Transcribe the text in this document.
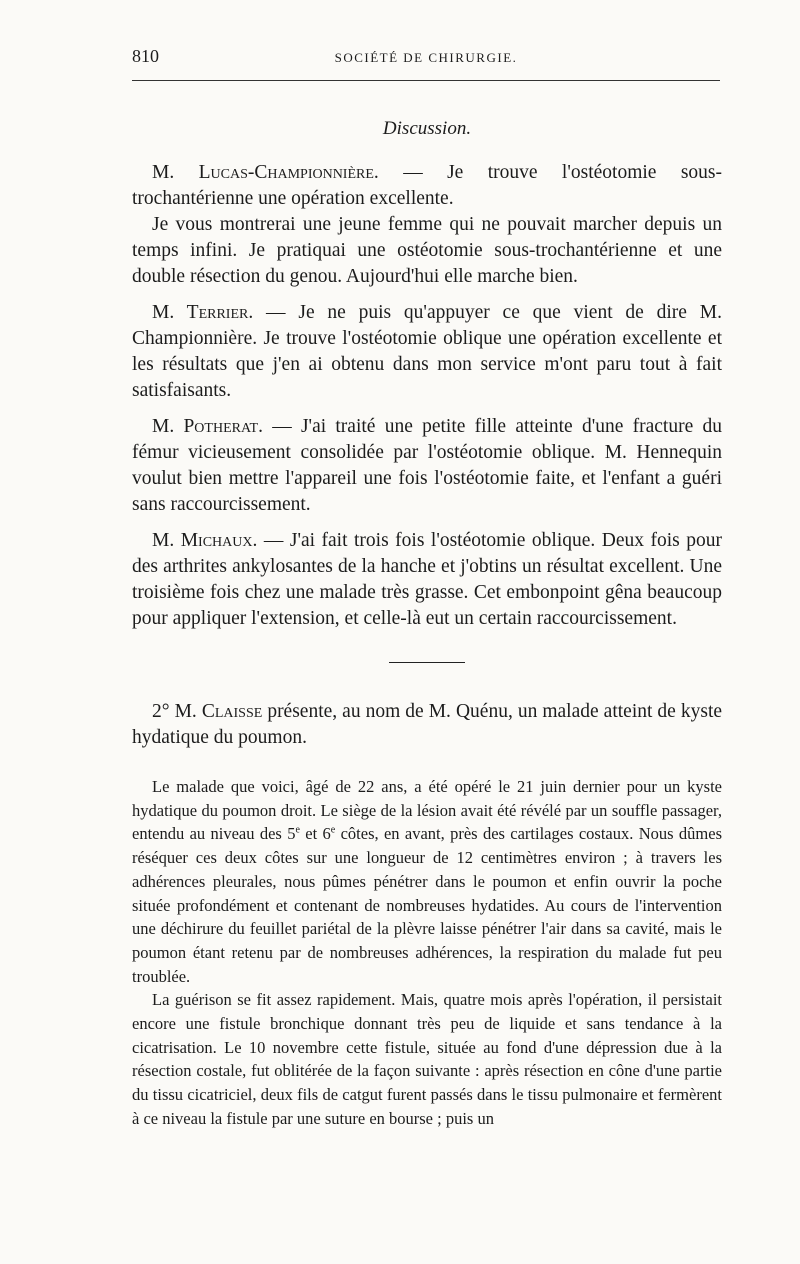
810	SOCIÉTÉ DE CHIRURGIE.
Discussion.

M. Lucas-Championnière. — Je trouve l'ostéotomie sous-trochantérienne une opération excellente.

Je vous montrerai une jeune femme qui ne pouvait marcher depuis un temps infini. Je pratiquai une ostéotomie sous-trochantérienne et une double résection du genou. Aujourd'hui elle marche bien.

M. Terrier. — Je ne puis qu'appuyer ce que vient de dire M. Championnière. Je trouve l'ostéotomie oblique une opération excellente et les résultats que j'en ai obtenu dans mon service m'ont paru tout à fait satisfaisants.

M. Potherat. — J'ai traité une petite fille atteinte d'une fracture du fémur vicieusement consolidée par l'ostéotomie oblique. M. Hennequin voulut bien mettre l'appareil une fois l'ostéotomie faite, et l'enfant a guéri sans raccourcissement.

M. Michaux. — J'ai fait trois fois l'ostéotomie oblique. Deux fois pour des arthrites ankylosantes de la hanche et j'obtins un résultat excellent. Une troisième fois chez une malade très grasse. Cet embonpoint gêna beaucoup pour appliquer l'extension, et celle-là eut un certain raccourcissement.

2° M. Claisse présente, au nom de M. Quénu, un malade atteint de kyste hydatique du poumon.

Le malade que voici, âgé de 22 ans, a été opéré le 21 juin dernier pour un kyste hydatique du poumon droit. Le siège de la lésion avait été révélé par un souffle passager, entendu au niveau des 5e et 6e côtes, en avant, près des cartilages costaux. Nous dûmes réséquer ces deux côtes sur une longueur de 12 centimètres environ ; à travers les adhérences pleurales, nous pûmes pénétrer dans le poumon et enfin ouvrir la poche située profondément et contenant de nombreuses hydatides. Au cours de l'intervention une déchirure du feuillet pariétal de la plèvre laisse pénétrer l'air dans sa cavité, mais le poumon étant retenu par de nombreuses adhérences, la respiration du malade fut peu troublée.

La guérison se fit assez rapidement. Mais, quatre mois après l'opération, il persistait encore une fistule bronchique donnant très peu de liquide et sans tendance à la cicatrisation. Le 10 novembre cette fistule, située au fond d'une dépression due à la résection costale, fut oblitérée de la façon suivante : après résection en cône d'une partie du tissu cicatriciel, deux fils de catgut furent passés dans le tissu pulmonaire et fermèrent à ce niveau la fistule par une suture en bourse ; puis un
